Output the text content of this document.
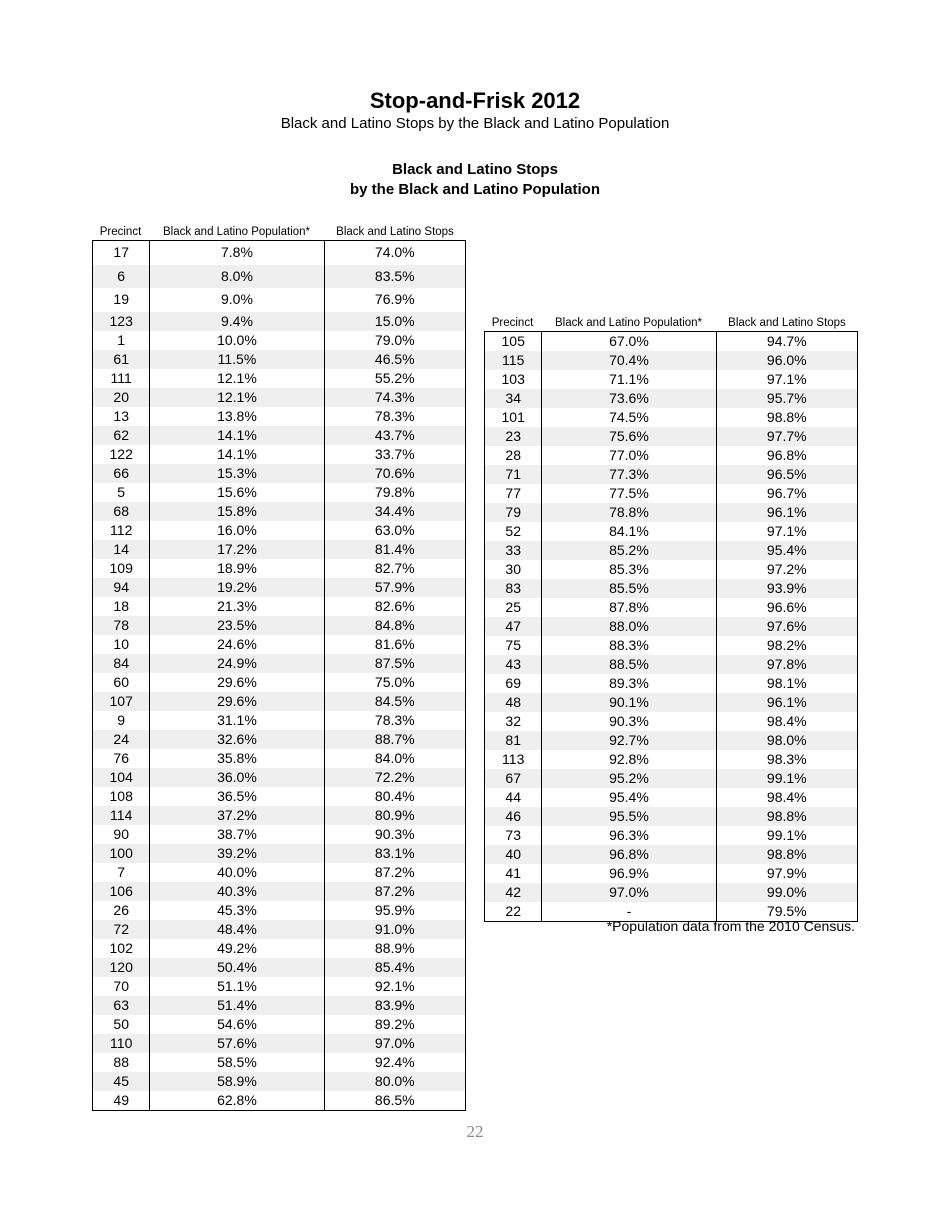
Stop-and-Frisk 2012
Black and Latino Stops by the Black and Latino Population
Black and Latino Stops
by the Black and Latino Population
Precinct	Black and Latino Population*	Black and Latino Stops
17	7.8%	74.0%
6	8.0%	83.5%
19	9.0%	76.9%
123	9.4%	15.0%
1	10.0%	79.0%
61	11.5%	46.5%
111	12.1%	55.2%
20	12.1%	74.3%
13	13.8%	78.3%
62	14.1%	43.7%
122	14.1%	33.7%
66	15.3%	70.6%
5	15.6%	79.8%
68	15.8%	34.4%
112	16.0%	63.0%
14	17.2%	81.4%
109	18.9%	82.7%
94	19.2%	57.9%
18	21.3%	82.6%
78	23.5%	84.8%
10	24.6%	81.6%
84	24.9%	87.5%
60	29.6%	75.0%
107	29.6%	84.5%
9	31.1%	78.3%
24	32.6%	88.7%
76	35.8%	84.0%
104	36.0%	72.2%
108	36.5%	80.4%
114	37.2%	80.9%
90	38.7%	90.3%
100	39.2%	83.1%
7	40.0%	87.2%
106	40.3%	87.2%
26	45.3%	95.9%
72	48.4%	91.0%
102	49.2%	88.9%
120	50.4%	85.4%
70	51.1%	92.1%
63	51.4%	83.9%
50	54.6%	89.2%
110	57.6%	97.0%
88	58.5%	92.4%
45	58.9%	80.0%
49	62.8%	86.5%
Precinct	Black and Latino Population*	Black and Latino Stops
105	67.0%	94.7%
115	70.4%	96.0%
103	71.1%	97.1%
34	73.6%	95.7%
101	74.5%	98.8%
23	75.6%	97.7%
28	77.0%	96.8%
71	77.3%	96.5%
77	77.5%	96.7%
79	78.8%	96.1%
52	84.1%	97.1%
33	85.2%	95.4%
30	85.3%	97.2%
83	85.5%	93.9%
25	87.8%	96.6%
47	88.0%	97.6%
75	88.3%	98.2%
43	88.5%	97.8%
69	89.3%	98.1%
48	90.1%	96.1%
32	90.3%	98.4%
81	92.7%	98.0%
113	92.8%	98.3%
67	95.2%	99.1%
44	95.4%	98.4%
46	95.5%	98.8%
73	96.3%	99.1%
40	96.8%	98.8%
41	96.9%	97.9%
42	97.0%	99.0%
22	-	79.5%
*Population data from the 2010 Census.
22
